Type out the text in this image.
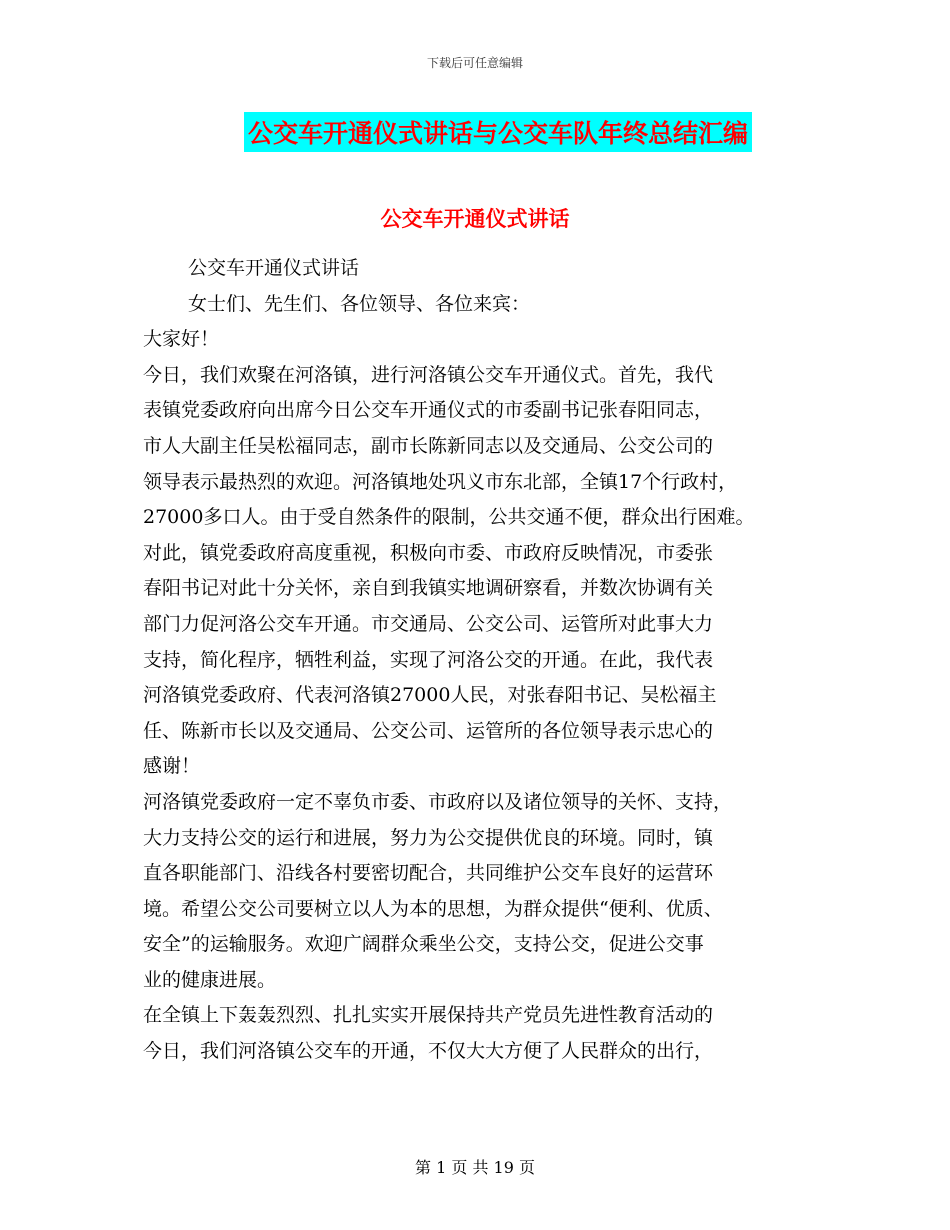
下载后可任意编辑
公交车开通仪式讲话与公交车队年终总结汇编
公交车开通仪式讲话
公交车开通仪式讲话
女士们、先生们、各位领导、各位来宾：
大家好！
今日，我们欢聚在河洛镇，进行河洛镇公交车开通仪式。首先，我代
表镇党委政府向出席今日公交车开通仪式的市委副书记张春阳同志，
市人大副主任吴松福同志，副市长陈新同志以及交通局、公交公司的
领导表示最热烈的欢迎。河洛镇地处巩义市东北部，全镇17个行政村，
27000多口人。由于受自然条件的限制，公共交通不便，群众出行困难。
对此，镇党委政府高度重视，积极向市委、市政府反映情况，市委张
春阳书记对此十分关怀，亲自到我镇实地调研察看，并数次协调有关
部门力促河洛公交车开通。市交通局、公交公司、运管所对此事大力
支持，简化程序，牺牲利益，实现了河洛公交的开通。在此，我代表
河洛镇党委政府、代表河洛镇27000人民，对张春阳书记、吴松福主
任、陈新市长以及交通局、公交公司、运管所的各位领导表示忠心的
感谢！
河洛镇党委政府一定不辜负市委、市政府以及诸位领导的关怀、支持，
大力支持公交的运行和进展，努力为公交提供优良的环境。同时，镇
直各职能部门、沿线各村要密切配合，共同维护公交车良好的运营环
境。希望公交公司要树立以人为本的思想，为群众提供“便利、优质、
安全”的运输服务。欢迎广阔群众乘坐公交，支持公交，促进公交事
业的健康进展。
在全镇上下轰轰烈烈、扎扎实实开展保持共产党员先进性教育活动的
今日，我们河洛镇公交车的开通，不仅大大方便了人民群众的出行，
第 1 页 共 19 页
